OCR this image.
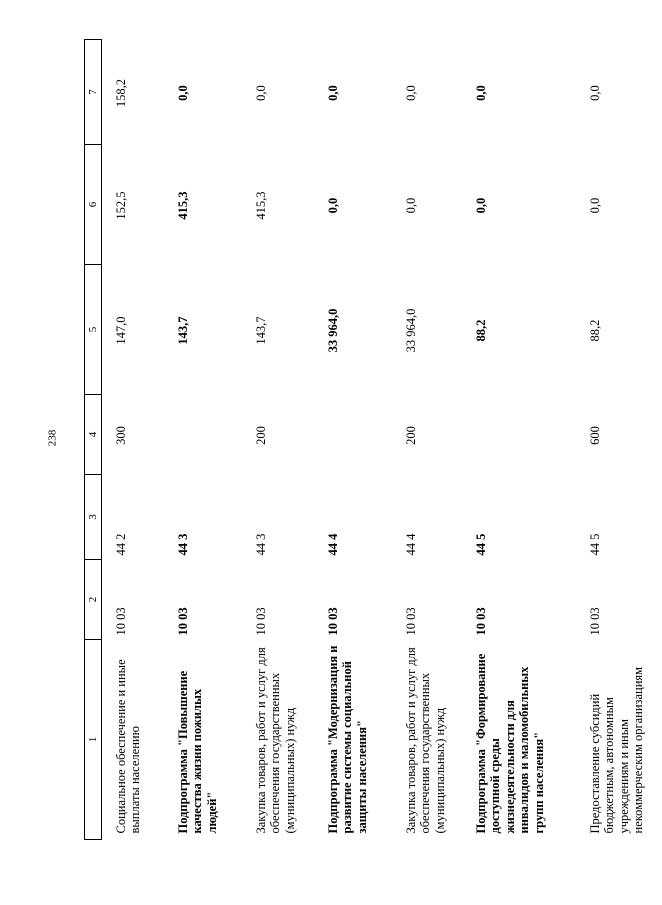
238
1	2	3	4	5	6	7
Социальное обеспечение и иные выплаты населению	10 03	44 2	300	147,0	152,5	158,2
Подпрограмма "Повышение качества жизни пожилых людей"	10 03	44 3		143,7	415,3	0,0
Закупка товаров, работ и услуг для обеспечения государственных (муниципальных) нужд	10 03	44 3	200	143,7	415,3	0,0
Подпрограмма "Модернизация и развитие системы социальной защиты населения"	10 03	44 4		33 964,0	0,0	0,0
Закупка товаров, работ и услуг для обеспечения государственных (муниципальных) нужд	10 03	44 4	200	33 964,0	0,0	0,0
Подпрограмма "Формирование доступной среды жизнедеятельности для инвалидов и маломобильных групп населения"	10 03	44 5		88,2	0,0	0,0
Предоставление субсидий бюджетным, автономным учреждениям и иным некоммерческим организациям	10 03	44 5	600	88,2	0,0	0,0
